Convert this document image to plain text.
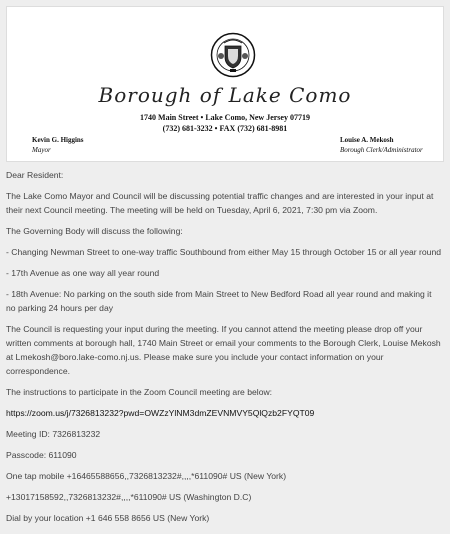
Borough of Lake Como
1740 Main Street • Lake Como, New Jersey 07719
(732) 681-3232 • FAX (732) 681-8981
Kevin G. Higgins
Mayor
Louise A. Mekosh
Borough Clerk/Administrator

Dear Resident:

The Lake Como Mayor and Council will be discussing potential traffic changes and are interested in your input at their next Council meeting. The meeting will be held on Tuesday, April 6, 2021, 7:30 pm via Zoom.

The Governing Body will discuss the following:

- Changing Newman Street to one-way traffic Southbound from either May 15 through October 15 or all year round

- 17th Avenue as one way all year round

- 18th Avenue: No parking on the south side from Main Street to New Bedford Road all year round and making it no parking 24 hours per day

The Council is requesting your input during the meeting. If you cannot attend the meeting please drop off your written comments at borough hall, 1740 Main Street or email your comments to the Borough Clerk, Louise Mekosh at Lmekosh@boro.lake-como.nj.us. Please make sure you include your contact information on your correspondence.

The instructions to participate in the Zoom Council meeting are below:

https://zoom.us/j/7326813232?pwd=OWZzYlNM3dmZEVNMVY5QlQzb2FYQT09

Meeting ID: 7326813232

Passcode: 611090

One tap mobile +16465588656,,7326813232#,,,,*611090# US (New York)

+13017158592,,7326813232#,,,,*611090# US (Washington D.C)

Dial by your location +1 646 558 8656 US (New York)
